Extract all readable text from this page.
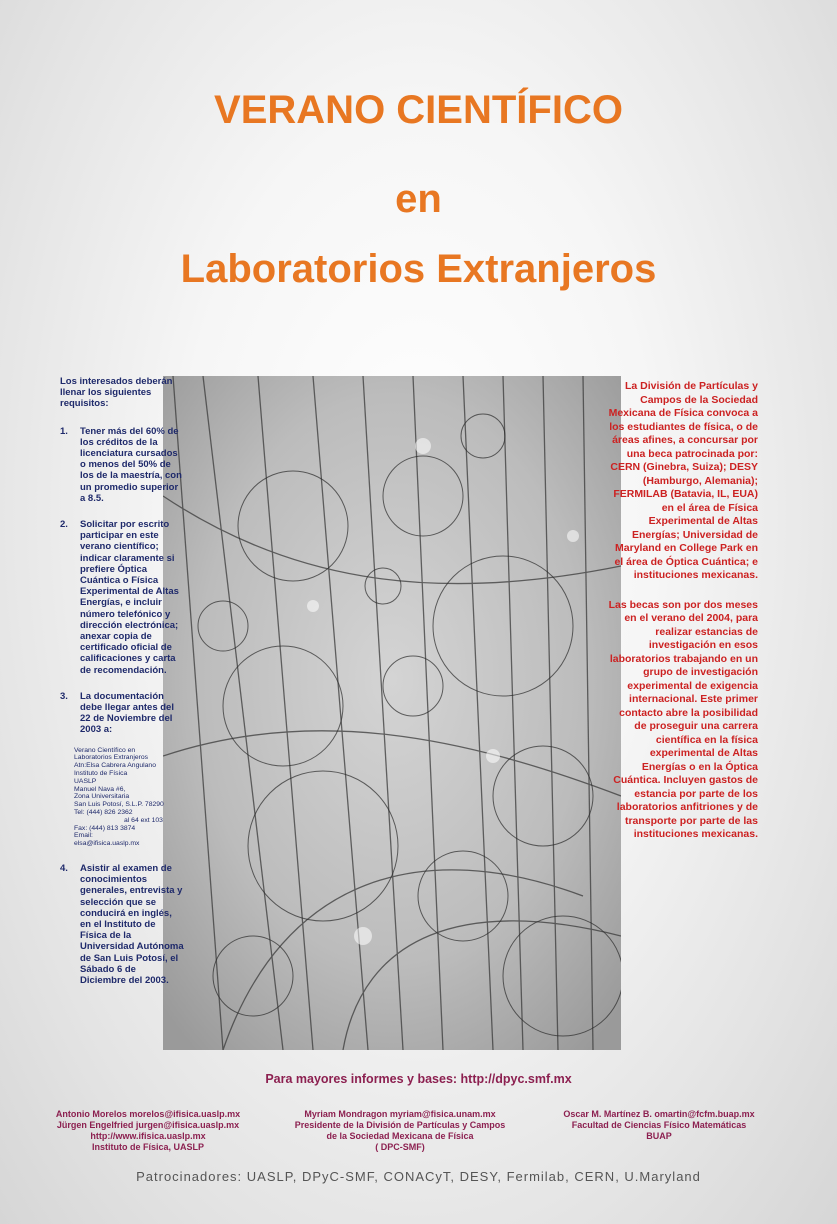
VERANO CIENTÍFICO
en
Laboratorios Extranjeros

Los interesados deberán llenar los siguientes requisitos:

1. Tener más del 60% de los créditos de la licenciatura cursados o menos del 50% de los de la maestría, con un promedio superior a 8.5.
2. Solicitar por escrito participar en este verano científico; indicar claramente si prefiere Óptica Cuántica o Física Experimental de Altas Energías, e incluir número telefónico y dirección electrónica; anexar copia de certificado oficial de calificaciones y carta de recomendación.
3. La documentación debe llegar antes del 22 de Noviembre del 2003 a:
Verano Científico en
Laboratorios Extranjeros
Atn:Elsa Cabrera Angulano
Instituto de Física
UASLP
Manuel Nava #6,
Zona Universitaria
San Luis Potosí, S.L.P. 78290
Tel: (444) 826 2362
al 64 ext 103
Fax: (444) 813 3874
Email:
elsa@ifisica.uaslp.mx
4. Asistir al examen de conocimientos generales, entrevista y selección que se conducirá en inglés, en el Instituto de Física de la Universidad Autónoma de San Luis Potosí, el Sábado 6 de Diciembre del 2003.

La División de Partículas y Campos de la Sociedad Mexicana de Física convoca a los estudiantes de física, o de áreas afines, a concursar por una beca patrocinada por: CERN (Ginebra, Suiza); DESY (Hamburgo, Alemania); FERMILAB (Batavia, IL, EUA) en el área de Física Experimental de Altas Energías; Universidad de Maryland en College Park en el área de Óptica Cuántica; e instituciones mexicanas.

Las becas son por dos meses en el verano del 2004, para realizar estancias de investigación en esos laboratorios trabajando en un grupo de investigación experimental de exigencia internacional. Este primer contacto abre la posibilidad de proseguir una carrera científica en la física experimental de Altas Energías o en la Óptica Cuántica. Incluyen gastos de estancia por parte de los laboratorios anfitriones y de transporte por parte de las instituciones mexicanas.

Para mayores informes y bases: http://dpyc.smf.mx
Antonio Morelos morelos@ifisica.uaslp.mx
Jürgen Engelfried jurgen@ifisica.uaslp.mx
http://www.ifisica.uaslp.mx
Instituto de Física, UASLP
Myriam Mondragon myriam@fisica.unam.mx
Presidente de la División de Partículas y Campos
de la Sociedad Mexicana de Física
( DPC-SMF)
Oscar M. Martínez B. omartin@fcfm.buap.mx
Facultad de Ciencias Físico Matemáticas
BUAP
Patrocinadores: UASLP, DPyC-SMF, CONACyT, DESY, Fermilab, CERN, U.Maryland
